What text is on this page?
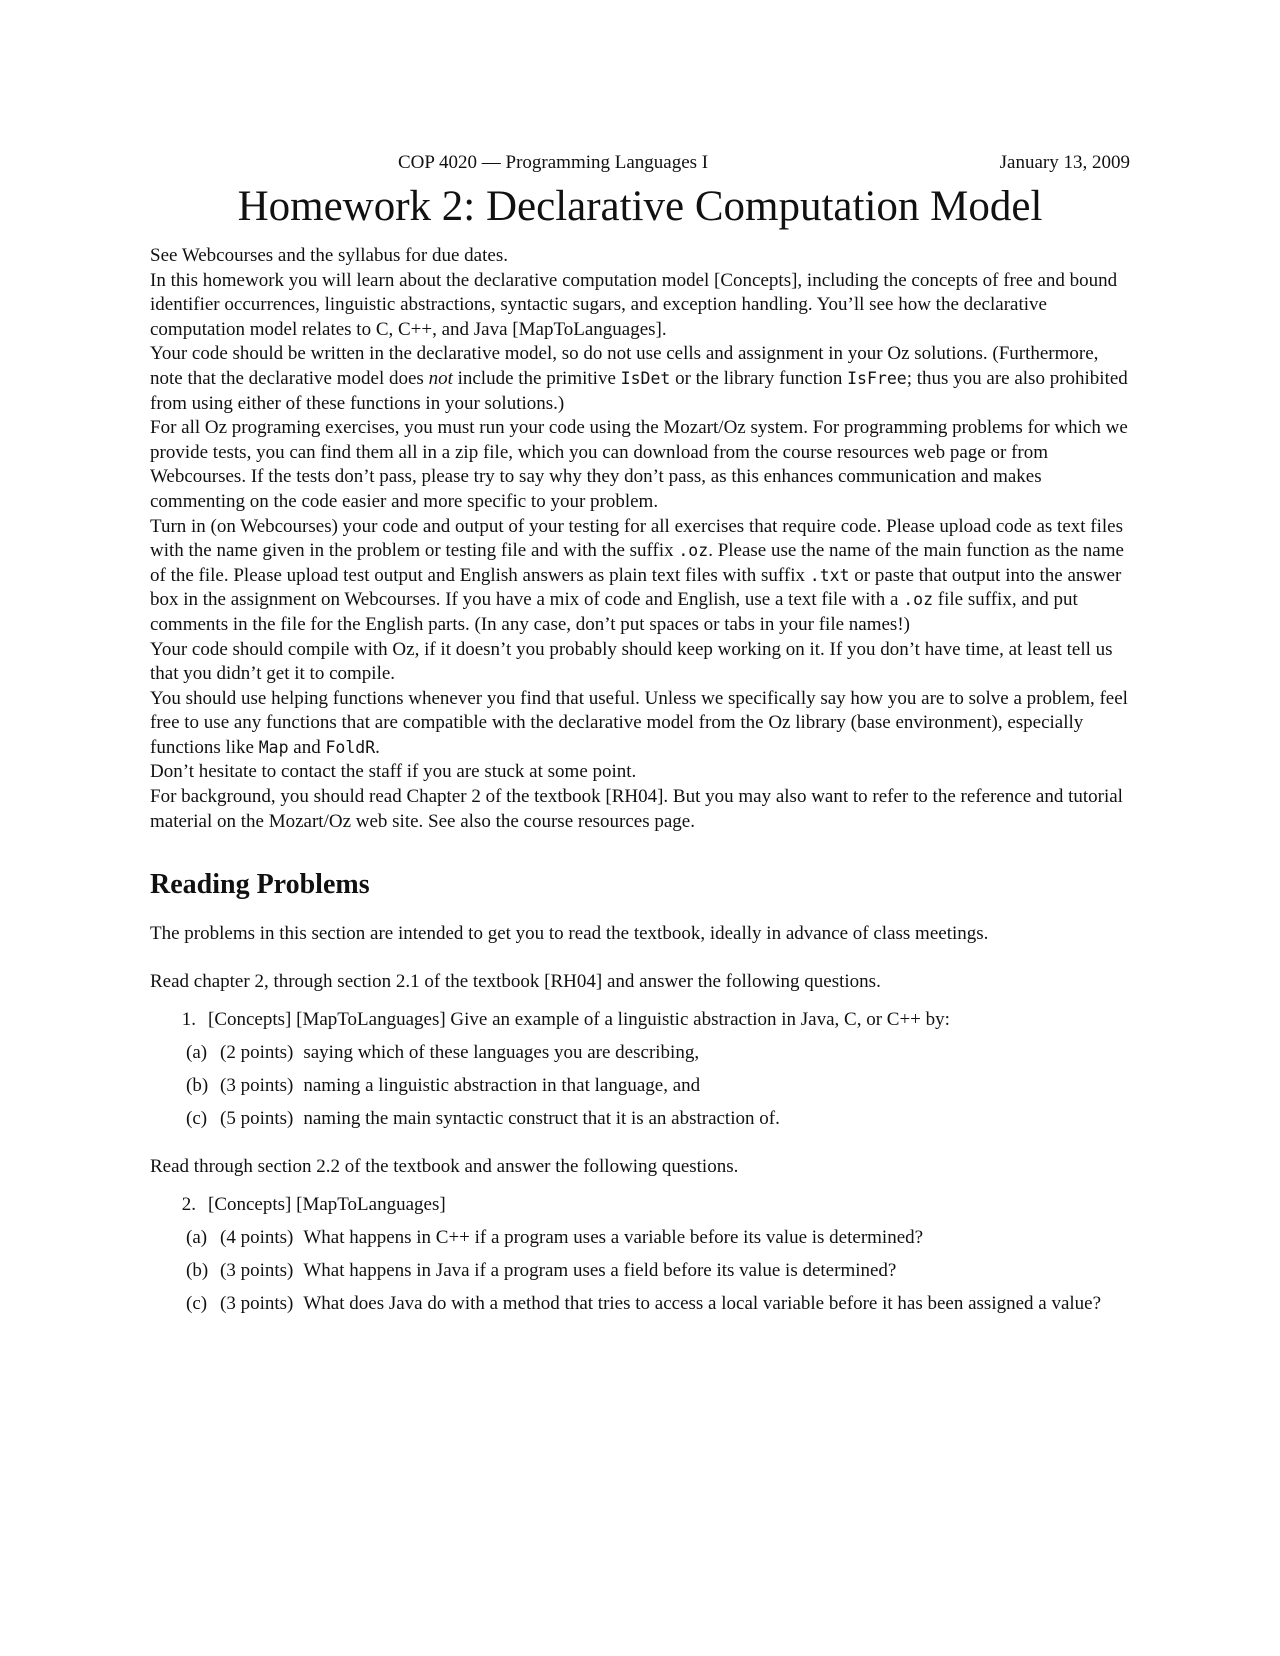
COP 4020 — Programming Languages I	January 13, 2009
Homework 2: Declarative Computation Model

See Webcourses and the syllabus for due dates.

In this homework you will learn about the declarative computation model [Concepts], including the concepts of free and bound identifier occurrences, linguistic abstractions, syntactic sugars, and exception handling. You’ll see how the declarative computation model relates to C, C++, and Java [MapToLanguages].

Your code should be written in the declarative model, so do not use cells and assignment in your Oz solutions. (Furthermore, note that the declarative model does not include the primitive IsDet or the library function IsFree; thus you are also prohibited from using either of these functions in your solutions.)

For all Oz programing exercises, you must run your code using the Mozart/Oz system. For programming problems for which we provide tests, you can find them all in a zip file, which you can download from the course resources web page or from Webcourses. If the tests don’t pass, please try to say why they don’t pass, as this enhances communication and makes commenting on the code easier and more specific to your problem.

Turn in (on Webcourses) your code and output of your testing for all exercises that require code. Please upload code as text files with the name given in the problem or testing file and with the suffix .oz. Please use the name of the main function as the name of the file. Please upload test output and English answers as plain text files with suffix .txt or paste that output into the answer box in the assignment on Webcourses. If you have a mix of code and English, use a text file with a .oz file suffix, and put comments in the file for the English parts. (In any case, don’t put spaces or tabs in your file names!)

Your code should compile with Oz, if it doesn’t you probably should keep working on it. If you don’t have time, at least tell us that you didn’t get it to compile.

You should use helping functions whenever you find that useful. Unless we specifically say how you are to solve a problem, feel free to use any functions that are compatible with the declarative model from the Oz library (base environment), especially functions like Map and FoldR.

Don’t hesitate to contact the staff if you are stuck at some point.

For background, you should read Chapter 2 of the textbook [RH04]. But you may also want to refer to the reference and tutorial material on the Mozart/Oz web site. See also the course resources page.

Reading Problems

The problems in this section are intended to get you to read the textbook, ideally in advance of class meetings.

Read chapter 2, through section 2.1 of the textbook [RH04] and answer the following questions.

1. [Concepts] [MapToLanguages] Give an example of a linguistic abstraction in Java, C, or C++ by:
(a) (2 points) saying which of these languages you are describing,
(b) (3 points) naming a linguistic abstraction in that language, and
(c) (5 points) naming the main syntactic construct that it is an abstraction of.

Read through section 2.2 of the textbook and answer the following questions.

2. [Concepts] [MapToLanguages]
(a) (4 points) What happens in C++ if a program uses a variable before its value is determined?
(b) (3 points) What happens in Java if a program uses a field before its value is determined?
(c) (3 points) What does Java do with a method that tries to access a local variable before it has been assigned a value?
